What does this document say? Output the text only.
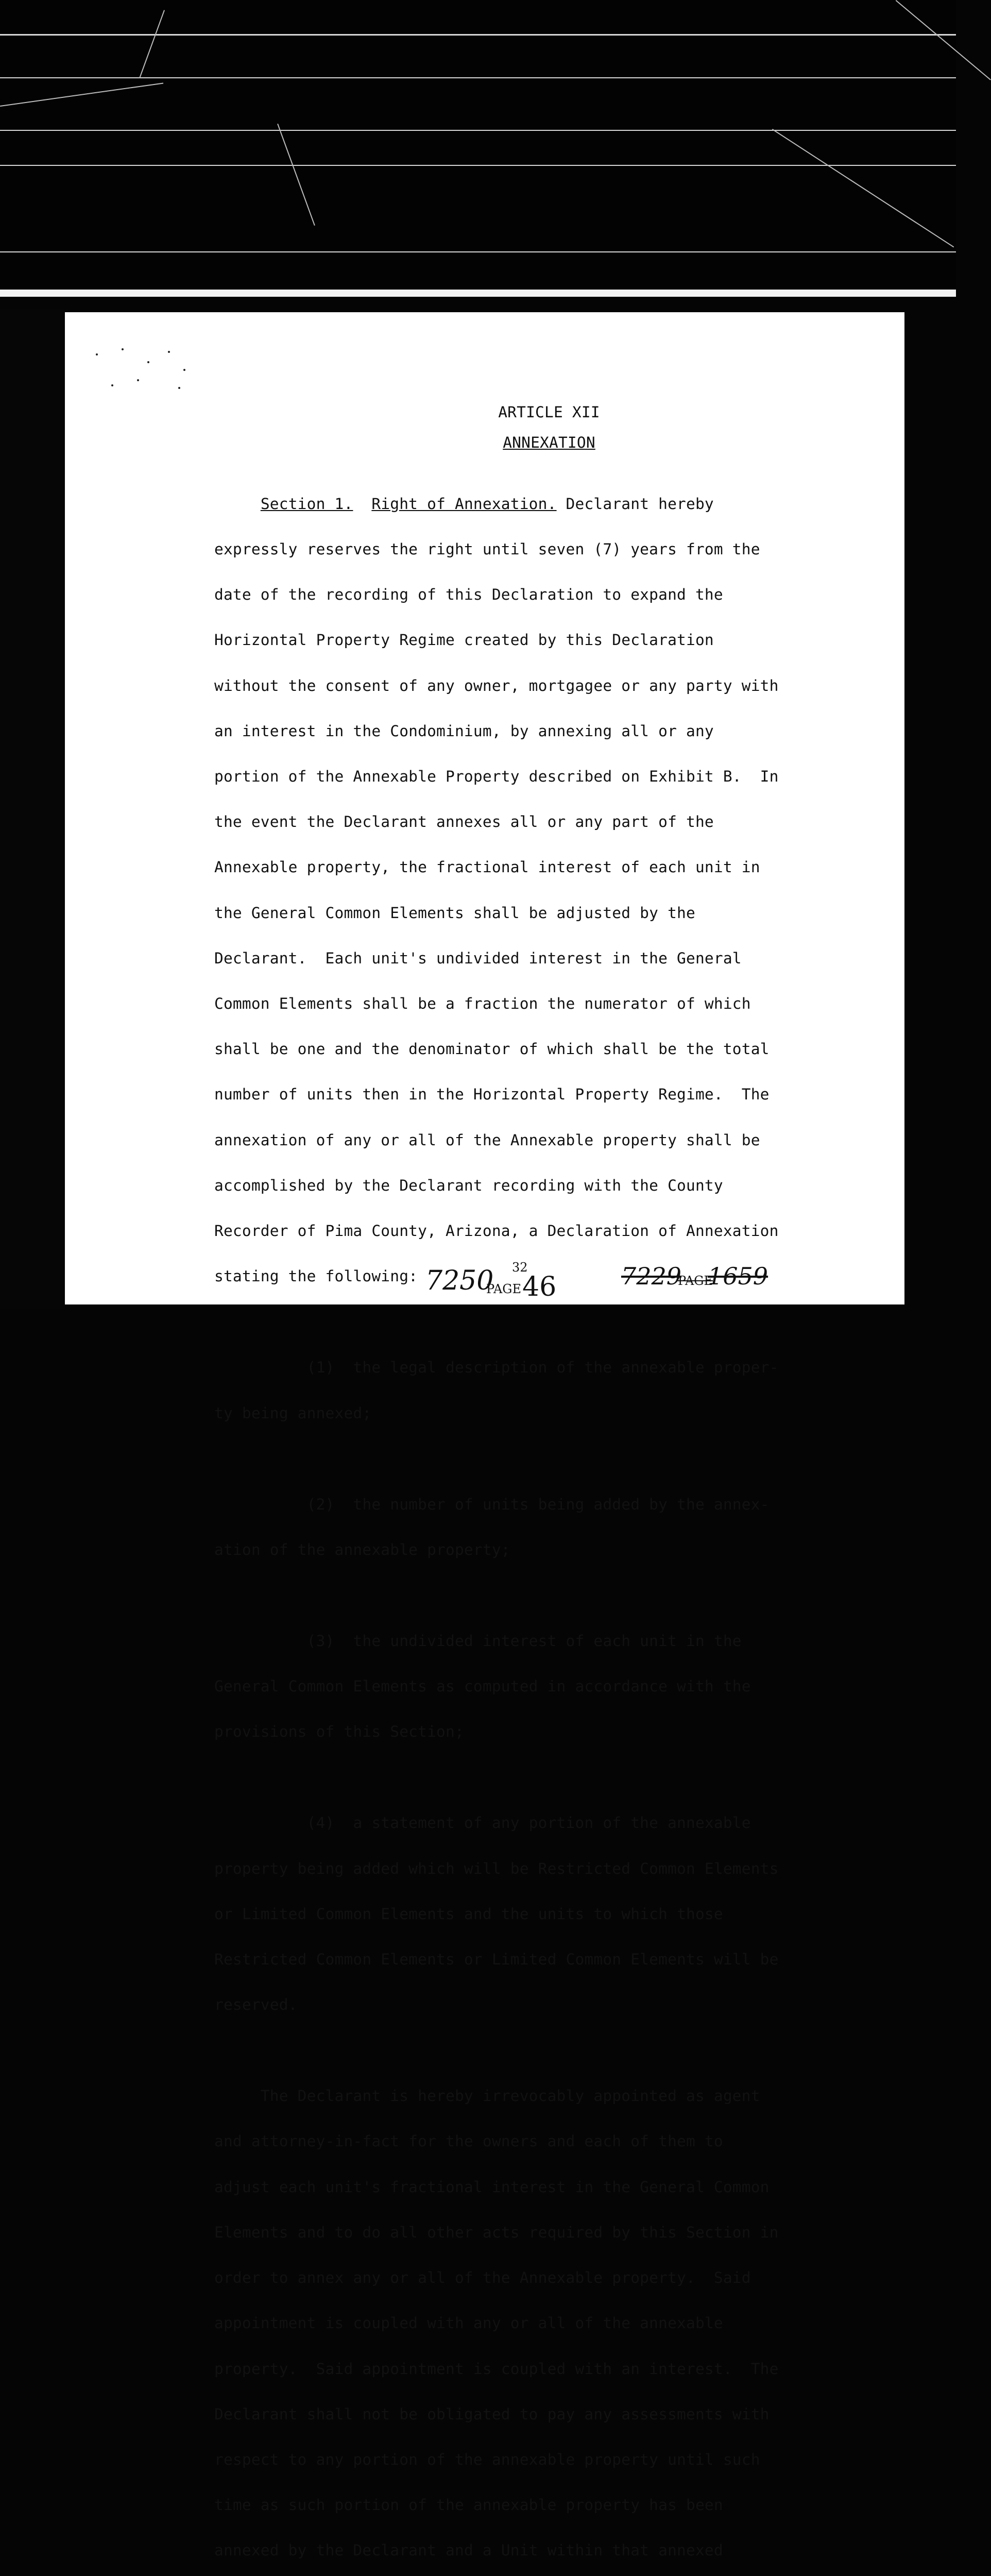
ARTICLE XII

ANNEXATION

Section 1. Right of Annexation. Declarant hereby

expressly reserves the right until seven (7) years from the

date of the recording of this Declaration to expand the

Horizontal Property Regime created by this Declaration

without the consent of any owner, mortgagee or any party with

an interest in the Condominium, by annexing all or any

portion of the Annexable Property described on Exhibit B.  In

the event the Declarant annexes all or any part of the

Annexable property, the fractional interest of each unit in

the General Common Elements shall be adjusted by the

Declarant.  Each unit's undivided interest in the General

Common Elements shall be a fraction the numerator of which

shall be one and the denominator of which shall be the total

number of units then in the Horizontal Property Regime.  The

annexation of any or all of the Annexable property shall be

accomplished by the Declarant recording with the County

Recorder of Pima County, Arizona, a Declaration of Annexation

stating the following:

(1)  the legal description of the annexable proper-

ty being annexed;

(2)  the number of units being added by the annex-

ation of the annexable property;

(3)  the undivided interest of each unit in the

General Common Elements as computed in accordance with the

provisions of this Section;

(4)  a statement of any portion of the annexable

property being added which will be Restricted Common Elements

or Limited Common Elements and the units to which those

Restricted Common Elements or Limited Common Elements will be

reserved.

The Declarant is hereby irrevocably appointed as agent

and attorney-in-fact for the owners and each of them to

adjust each unit's fractional interest in the General Common

Elements and to do all other acts required by this Section in

order to annex any or all of the Annexable property.  Said

appointment is coupled with any or all of the annexable

property.  Said appointment is coupled with an interest.  The

Declarant shall not be obligated to pay any assessments with

respect to any portion of the annexable property until such

time as such portion of the annexable property has been

annexed by the Declarant and a Unit within that annexed

7250
PAGE
32
46	7229
PAGE
1659
